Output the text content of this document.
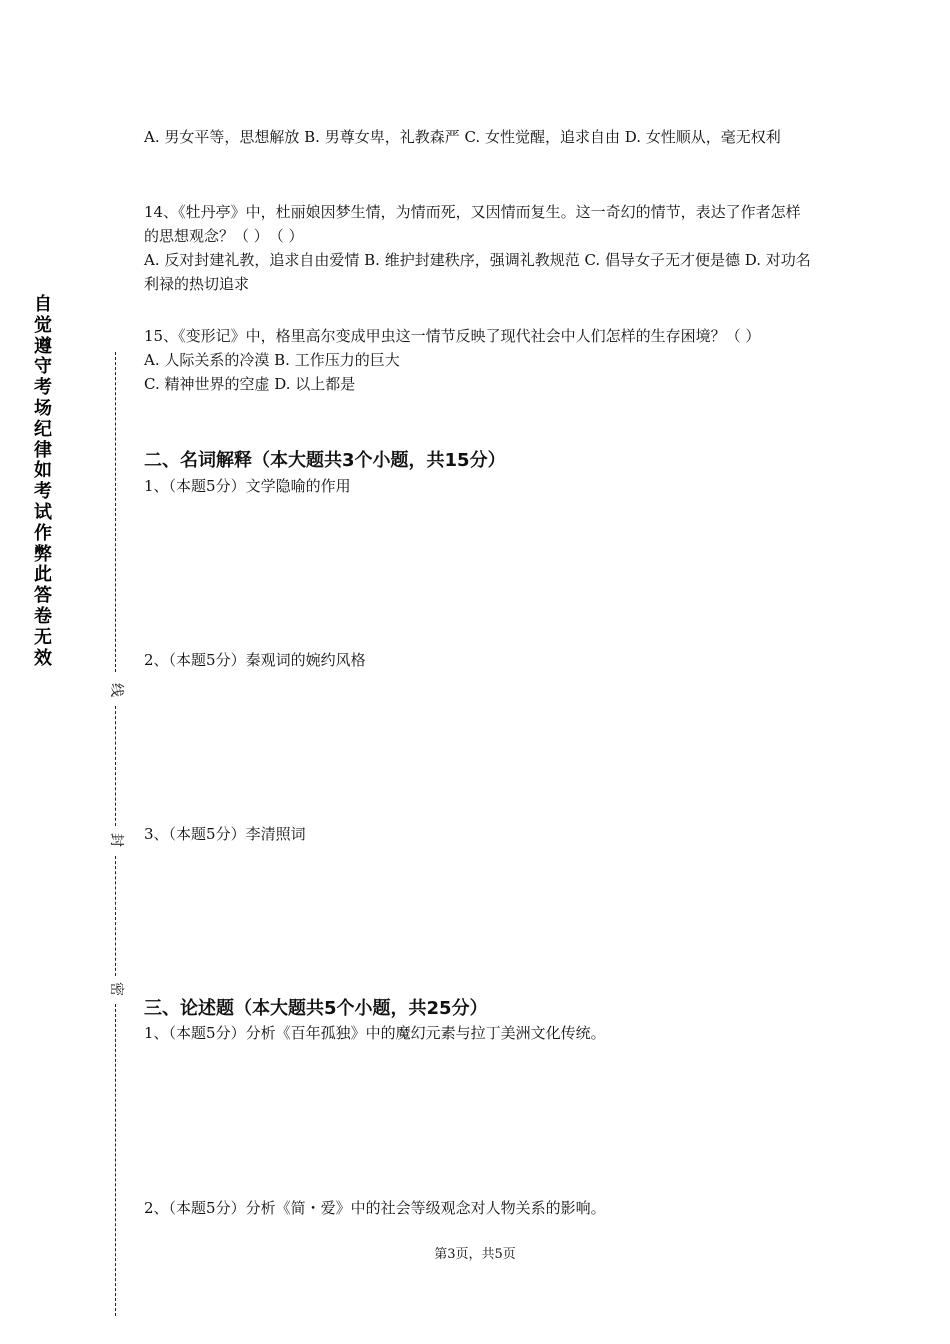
自觉遵守考场纪律如考试作弊此答卷无效
线
封
密

A. 男女平等，思想解放 B. 男尊女卑，礼教森严 C. 女性觉醒，追求自由 D. 女性顺从，毫无权利

14、《牡丹亭》中，杜丽娘因梦生情，为情而死，又因情而复生。这一奇幻的情节，表达了作者怎样的思想观念？（ ）　（ ）

A. 反对封建礼教，追求自由爱情 B. 维护封建秩序，强调礼教规范 C. 倡导女子无才便是德 D. 对功名利禄的热切追求

15、《变形记》中，格里高尔变成甲虫这一情节反映了现代社会中人们怎样的生存困境？（ ）

A. 人际关系的冷漠 B. 工作压力的巨大

C. 精神世界的空虚 D. 以上都是

二、名词解释（本大题共3个小题，共15分）
1、（本题5分）文学隐喻的作用
2、（本题5分）秦观词的婉约风格
3、（本题5分）李清照词
三、论述题（本大题共5个小题，共25分）
1、（本题5分）分析《百年孤独》中的魔幻元素与拉丁美洲文化传统。
2、（本题5分）分析《简・爱》中的社会等级观念对人物关系的影响。
第3页，共5页
